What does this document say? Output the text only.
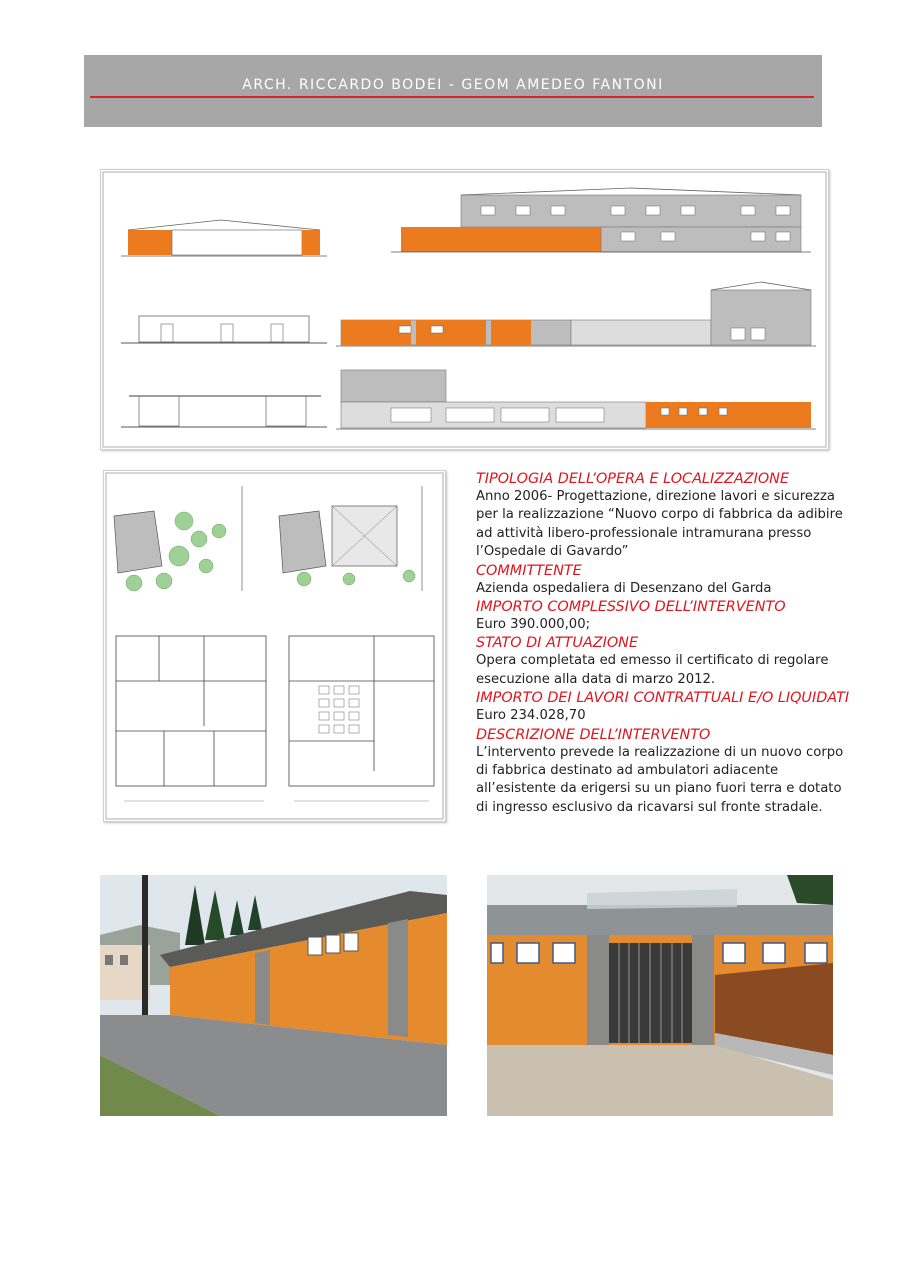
ARCH. RICCARDO BODEI - GEOM AMEDEO FANTONI

TIPOLOGIA DELL’OPERA E LOCALIZZAZIONE

Anno 2006- Progettazione, direzione lavori e sicurezza per la realizzazione “Nuovo corpo di fabbrica da adibire ad attività libero-professionale intramurana presso l’Ospedale di Gavardo”

COMMITTENTE

Azienda ospedaliera di Desenzano del Garda

IMPORTO COMPLESSIVO DELL’INTERVENTO

Euro 390.000,00;

STATO DI ATTUAZIONE

Opera completata ed emesso il certificato di regolare esecuzione alla data di marzo 2012.

IMPORTO DEI LAVORI CONTRATTUALI E/O LIQUIDATI

Euro 234.028,70

DESCRIZIONE DELL’INTERVENTO

L’intervento prevede la realizzazione di un nuovo corpo di fabbrica destinato ad ambulatori adiacente all’esistente da erigersi su un piano fuori terra e dotato di ingresso esclusivo da ricavarsi sul fronte stradale.
